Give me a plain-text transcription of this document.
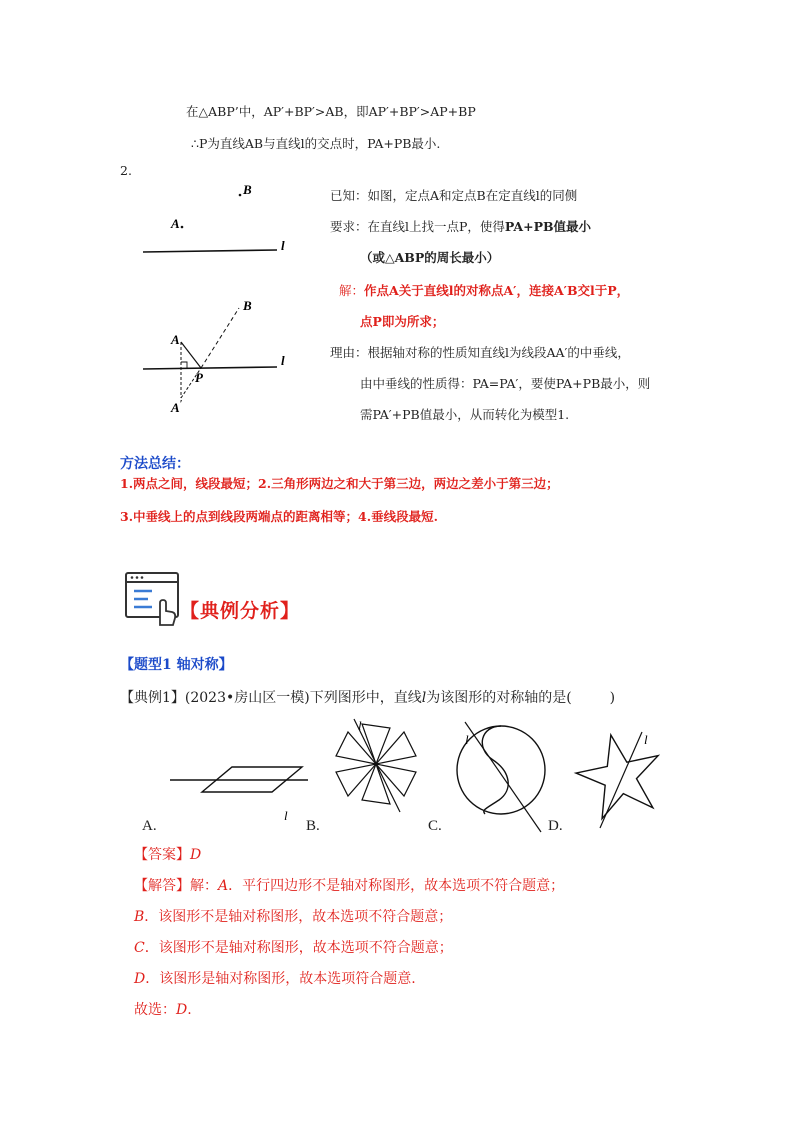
在△ABP’中，AP′+BP′>AB，即AP′+BP′>AP+BP
∴P为直线AB与直线l的交点时，PA+PB最小.
2.
B
A
l
B
A
A′
l
P
已知：如图，定点A和定点B在定直线l的同侧
要求：在直线l上找一点P，使得PA+PB值最小
（或△ABP的周长最小）
解：作点A关于直线l的对称点A′，连接A′B交l于P，
点P即为所求；
理由：根据轴对称的性质知直线l为线段AA′的中垂线，
由中垂线的性质得：PA=PA′，要使PA+PB最小，则
需PA′+PB值最小，从而转化为模型1.
方法总结：
1.两点之间，线段最短；2.三角形两边之和大于第三边，两边之差小于第三边；
3.中垂线上的点到线段两端点的距离相等；4.垂线段最短.
【典例分析】
【题型1 轴对称】
【典例1】(2023•房山区一模)下列图形中，直线l为该图形的对称轴的是(	)
l
l
l	l
A.	B.	C.	D.
【答案】D
【解答】解：A．平行四边形不是轴对称图形，故本选项不符合题意；
B．该图形不是轴对称图形，故本选项不符合题意；
C．该图形不是轴对称图形，故本选项不符合题意；
D．该图形是轴对称图形，故本选项符合题意.
故选：D.
